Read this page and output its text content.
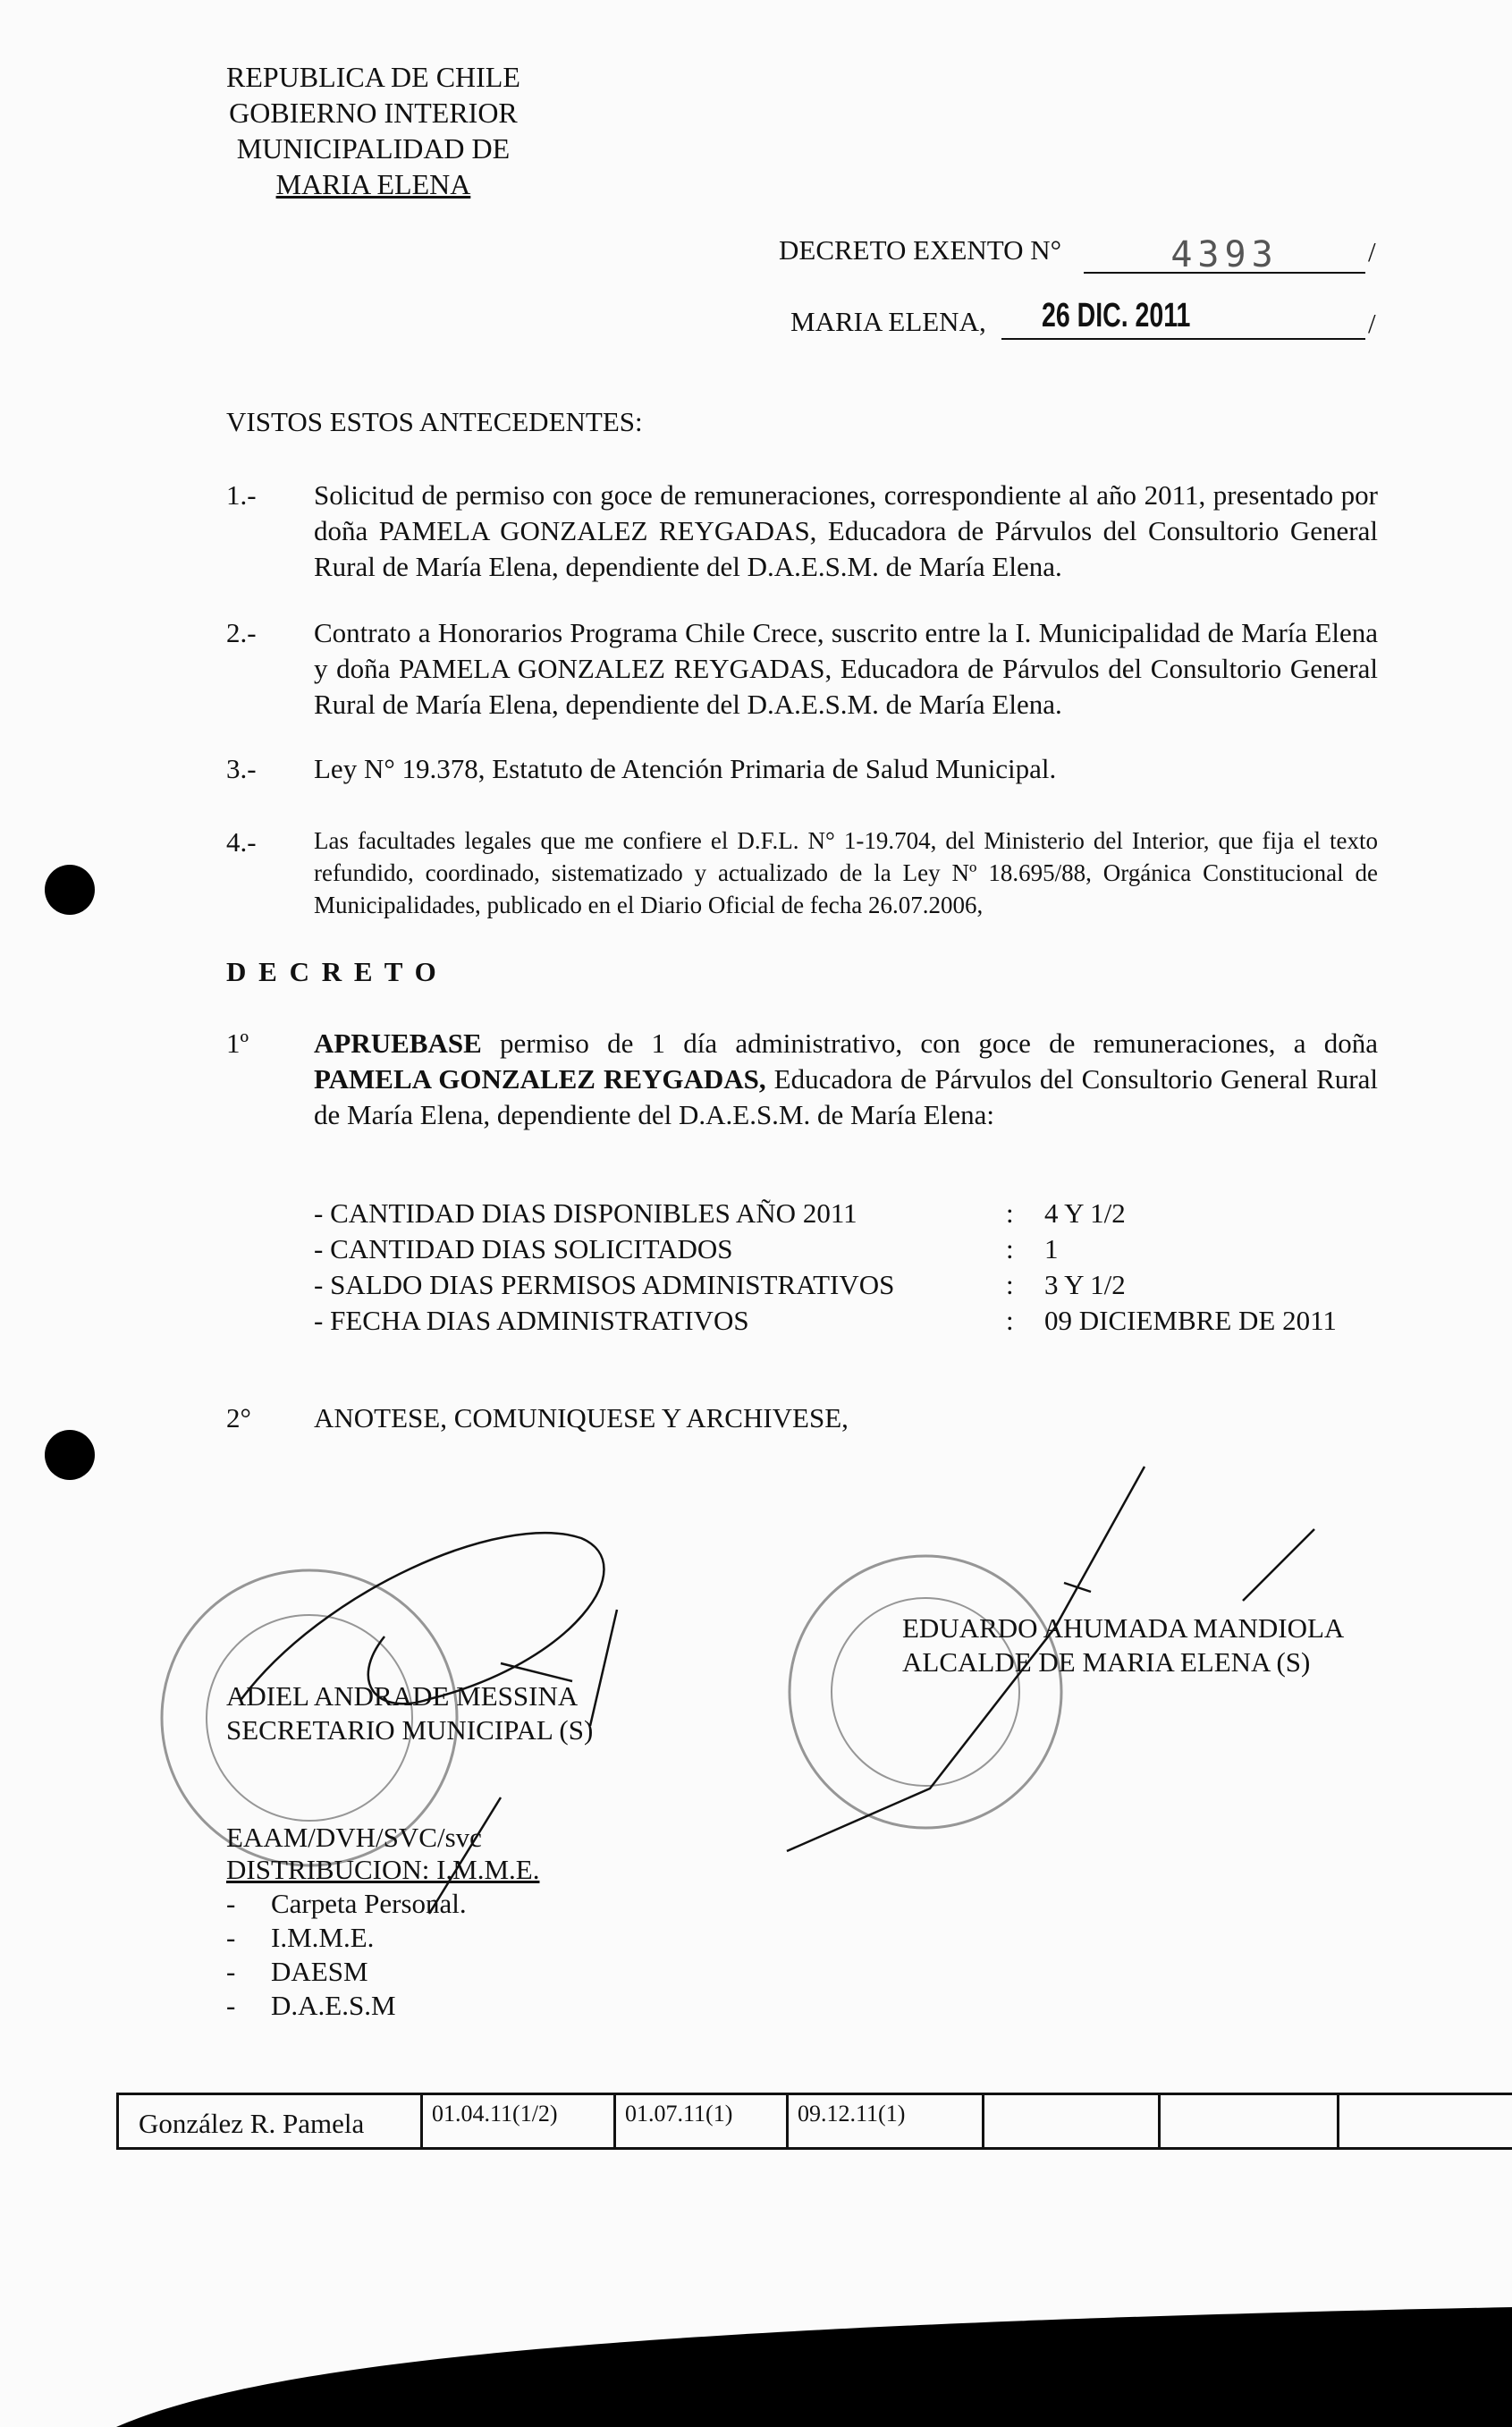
REPUBLICA DE CHILE
GOBIERNO INTERIOR
MUNICIPALIDAD DE
MARIA ELENA
DECRETO EXENTO N°	4393	/
MARIA ELENA, 26 DIC. 2011	/
VISTOS ESTOS ANTECEDENTES:
1.- Solicitud de permiso con goce de remuneraciones, correspondiente al año 2011, presentado por doña PAMELA GONZALEZ REYGADAS, Educadora de Párvulos del Consultorio General Rural de María Elena, dependiente del D.A.E.S.M. de María Elena.
2.- Contrato a Honorarios Programa Chile Crece, suscrito entre la I. Municipalidad de María Elena y doña PAMELA GONZALEZ REYGADAS, Educadora de Párvulos del Consultorio General Rural de María Elena, dependiente del D.A.E.S.M. de María Elena.
3.- Ley N° 19.378, Estatuto de Atención Primaria de Salud Municipal.
4.- Las facultades legales que me confiere el D.F.L. N° 1-19.704, del Ministerio del Interior, que fija el texto refundido, coordinado, sistematizado y actualizado de la Ley Nº 18.695/88, Orgánica Constitucional de Municipalidades, publicado en el Diario Oficial de fecha 26.07.2006,
D E C R E T O
1º APRUEBASE permiso de 1 día administrativo, con goce de remuneraciones, a doña PAMELA GONZALEZ REYGADAS, Educadora de Párvulos del Consultorio General Rural de María Elena, dependiente del D.A.E.S.M. de María Elena:
- CANTIDAD DIAS DISPONIBLES AÑO 2011	: 4 Y 1/2
- CANTIDAD DIAS SOLICITADOS	: 1
- SALDO DIAS PERMISOS ADMINISTRATIVOS	: 3 Y 1/2
- FECHA DIAS ADMINISTRATIVOS	: 09 DICIEMBRE DE 2011
2° ANOTESE, COMUNIQUESE Y ARCHIVESE,
ADIEL ANDRADE MESSINA
SECRETARIO MUNICIPAL (S)
EDUARDO AHUMADA MANDIOLA
ALCALDE DE MARIA ELENA (S)
EAAM/DVH/SVC/svc
DISTRIBUCION: I.M.M.E.
- Carpeta Personal.
- I.M.M.E.
- DAESM
- D.A.E.S.M
González R. Pamela	01.04.11(1/2)	01.07.11(1)	09.12.11(1)			
